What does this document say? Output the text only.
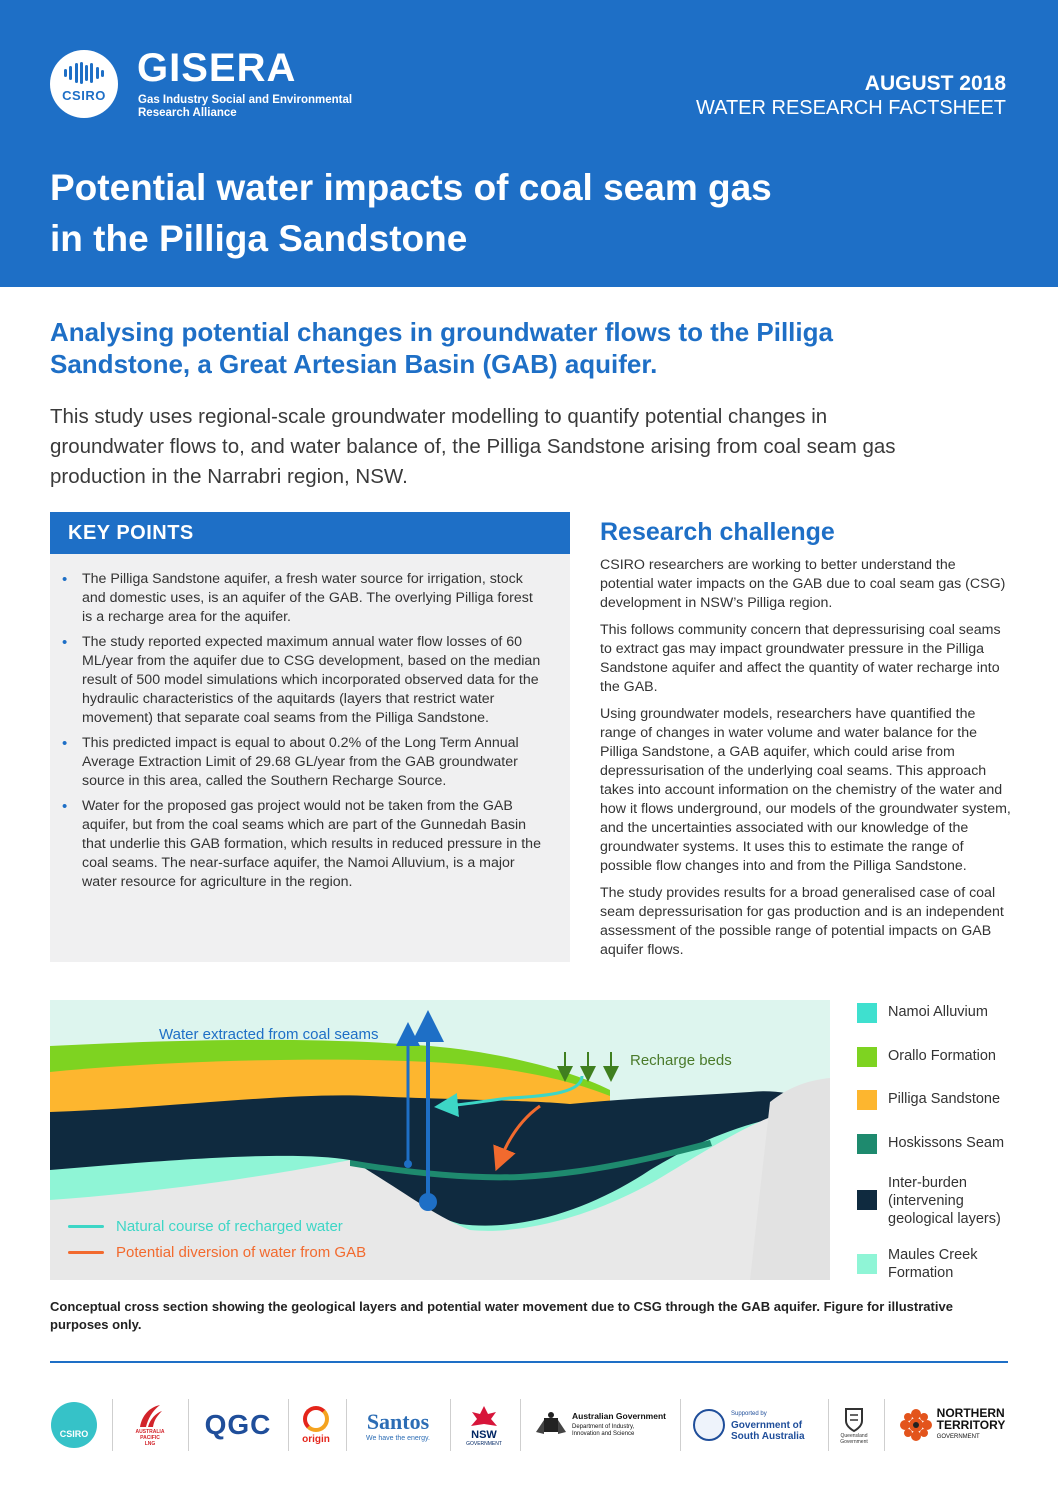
CSIRO
GISERA
Gas Industry Social and Environmental Research Alliance
AUGUST 2018
WATER RESEARCH FACTSHEET
Potential water impacts of coal seam gas in the Pilliga Sandstone
Analysing potential changes in groundwater flows to the Pilliga Sandstone, a Great Artesian Basin (GAB) aquifer.

This study uses regional-scale groundwater modelling to quantify potential changes in groundwater flows to, and water balance of, the Pilliga Sandstone arising from coal seam gas production in the Narrabri region, NSW.

KEY POINTS
• The Pilliga Sandstone aquifer, a fresh water source for irrigation, stock and domestic uses, is an aquifer of the GAB. The overlying Pilliga forest is a recharge area for the aquifer.
• The study reported expected maximum annual water flow losses of 60 ML/year from the aquifer due to CSG development, based on the median result of 500 model simulations which incorporated observed data for the hydraulic characteristics of the aquitards (layers that restrict water movement) that separate coal seams from the Pilliga Sandstone.
• This predicted impact is equal to about 0.2% of the Long Term Annual Average Extraction Limit of 29.68 GL/year from the GAB groundwater source in this area, called the Southern Recharge Source.
• Water for the proposed gas project would not be taken from the GAB aquifer, but from the coal seams which are part of the Gunnedah Basin that underlie this GAB formation, which results in reduced pressure in the coal seams. The near-surface aquifer, the Namoi Alluvium, is a major water resource for agriculture in the region.
Research challenge

CSIRO researchers are working to better understand the potential water impacts on the GAB due to coal seam gas (CSG) development in NSW’s Pilliga region.

This follows community concern that depressurising coal seams to extract gas may impact groundwater pressure in the Pilliga Sandstone aquifer and affect the quantity of water recharge into the GAB.

Using groundwater models, researchers have quantified the range of changes in water volume and water balance for the Pilliga Sandstone, a GAB aquifer, which could arise from depressurisation of the underlying coal seams. This approach takes into account information on the chemistry of the water and how it flows underground, our models of the groundwater system, and the uncertainties associated with our knowledge of the groundwater systems. It uses this to estimate the range of possible flow changes into and from the Pilliga Sandstone.

The study provides results for a broad generalised case of coal seam depressurisation for gas production and is an independent assessment of the possible range of potential impacts on GAB aquifer flows.

Water extracted from coal seams
Recharge beds
Natural course of recharged water
Potential diversion of water from GAB
Namoi Alluvium
Orallo Formation
Pilliga Sandstone
Hoskissons Seam
Inter-burden (intervening geological layers)
Maules Creek Formation

Conceptual cross section showing the geological layers and potential water movement due to CSG through the GAB aquifer. Figure for illustrative purposes only.

CSIRO	AUSTRALIA
PACIFIC
LNG
QGC	origin
Santos
We have the energy.	NSW
GOVERNMENT
Australian Government
Department of Industry, Innovation and Science
Supported by
Government of South Australia	Queensland Government
NORTHERN
TERRITORY
GOVERNMENT
